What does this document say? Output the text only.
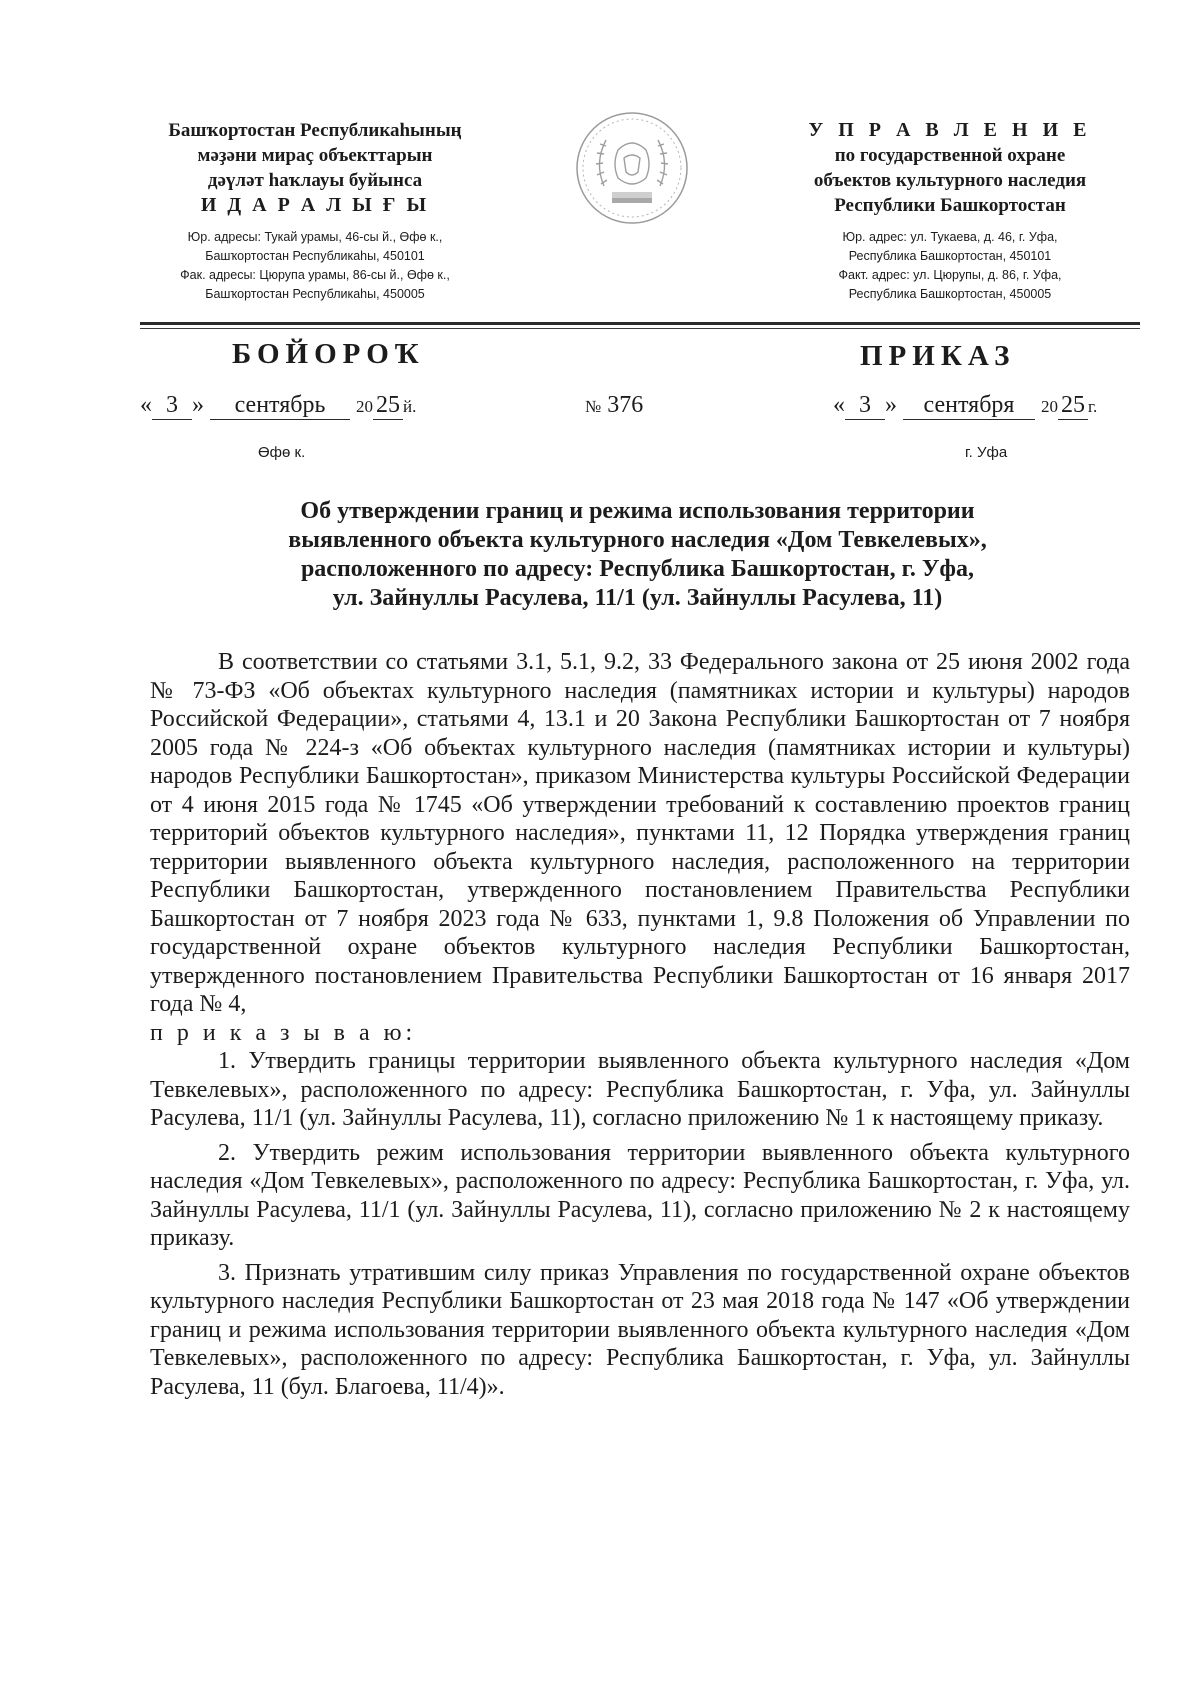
Башҡортостан Республикаһының
мәҙәни мираҫ объекттарын
дәүләт һаҡлауы буйынса
И Д А Р А Л Ы Ғ Ы
Юр. адресы: Тукай урамы, 46-сы й., Өфө к.,
Башҡортостан Республикаһы, 450101
Фак. адресы: Цюрупа урамы, 86-сы й., Өфө к.,
Башҡортостан Республикаһы, 450005
У П Р А В Л Е Н И Е
по государственной охране
объектов культурного наследия
Республики Башкортостан
Юр. адрес: ул. Тукаева, д. 46, г. Уфа,
Республика Башкортостан, 450101
Факт. адрес: ул. Цюрупы, д. 86, г. Уфа,
Республика Башкортостан, 450005
БОЙОРОҠ	ПРИКАЗ
« 3 » сентябрь 20 25 й.	№ 376	« 3 » сентября 20 25 г.
Өфө к.	г. Уфа
Об утверждении границ и режима использования территории
выявленного объекта культурного наследия «Дом Тевкелевых»,
расположенного по адресу: Республика Башкортостан, г. Уфа,
ул. Зайнуллы Расулева, 11/1 (ул. Зайнуллы Расулева, 11)

В соответствии со статьями 3.1, 5.1, 9.2, 33 Федерального закона от 25 июня 2002 года № 73-ФЗ «Об объектах культурного наследия (памятниках истории и культуры) народов Российской Федерации», статьями 4, 13.1 и 20 Закона Республики Башкортостан от 7 ноября 2005 года № 224-з «Об объектах культурного наследия (памятниках истории и культуры) народов Республики Башкортостан», приказом Министерства культуры Российской Федерации от 4 июня 2015 года № 1745 «Об утверждении требований к составлению проектов границ территорий объектов культурного наследия», пунктами 11, 12 Порядка утверждения границ территории выявленного объекта культурного наследия, расположенного на территории Республики Башкортостан, утвержденного постановлением Правительства Республики Башкортостан от 7 ноября 2023 года № 633, пунктами 1, 9.8 Положения об Управлении по государственной охране объектов культурного наследия Республики Башкортостан, утвержденного постановлением Правительства Республики Башкортостан от 16 января 2017 года № 4,

п р и к а з ы в а ю:

1. Утвердить границы территории выявленного объекта культурного наследия «Дом Тевкелевых», расположенного по адресу: Республика Башкортостан, г. Уфа, ул. Зайнуллы Расулева, 11/1 (ул. Зайнуллы Расулева, 11), согласно приложению № 1 к настоящему приказу.

2. Утвердить режим использования территории выявленного объекта культурного наследия «Дом Тевкелевых», расположенного по адресу: Республика Башкортостан, г. Уфа, ул. Зайнуллы Расулева, 11/1 (ул. Зайнуллы Расулева, 11), согласно приложению № 2 к настоящему приказу.

3. Признать утратившим силу приказ Управления по государственной охране объектов культурного наследия Республики Башкортостан от 23 мая 2018 года № 147 «Об утверждении границ и режима использования территории выявленного объекта культурного наследия «Дом Тевкелевых», расположенного по адресу: Республика Башкортостан, г. Уфа, ул. Зайнуллы Расулева, 11 (бул. Благоева, 11/4)».
